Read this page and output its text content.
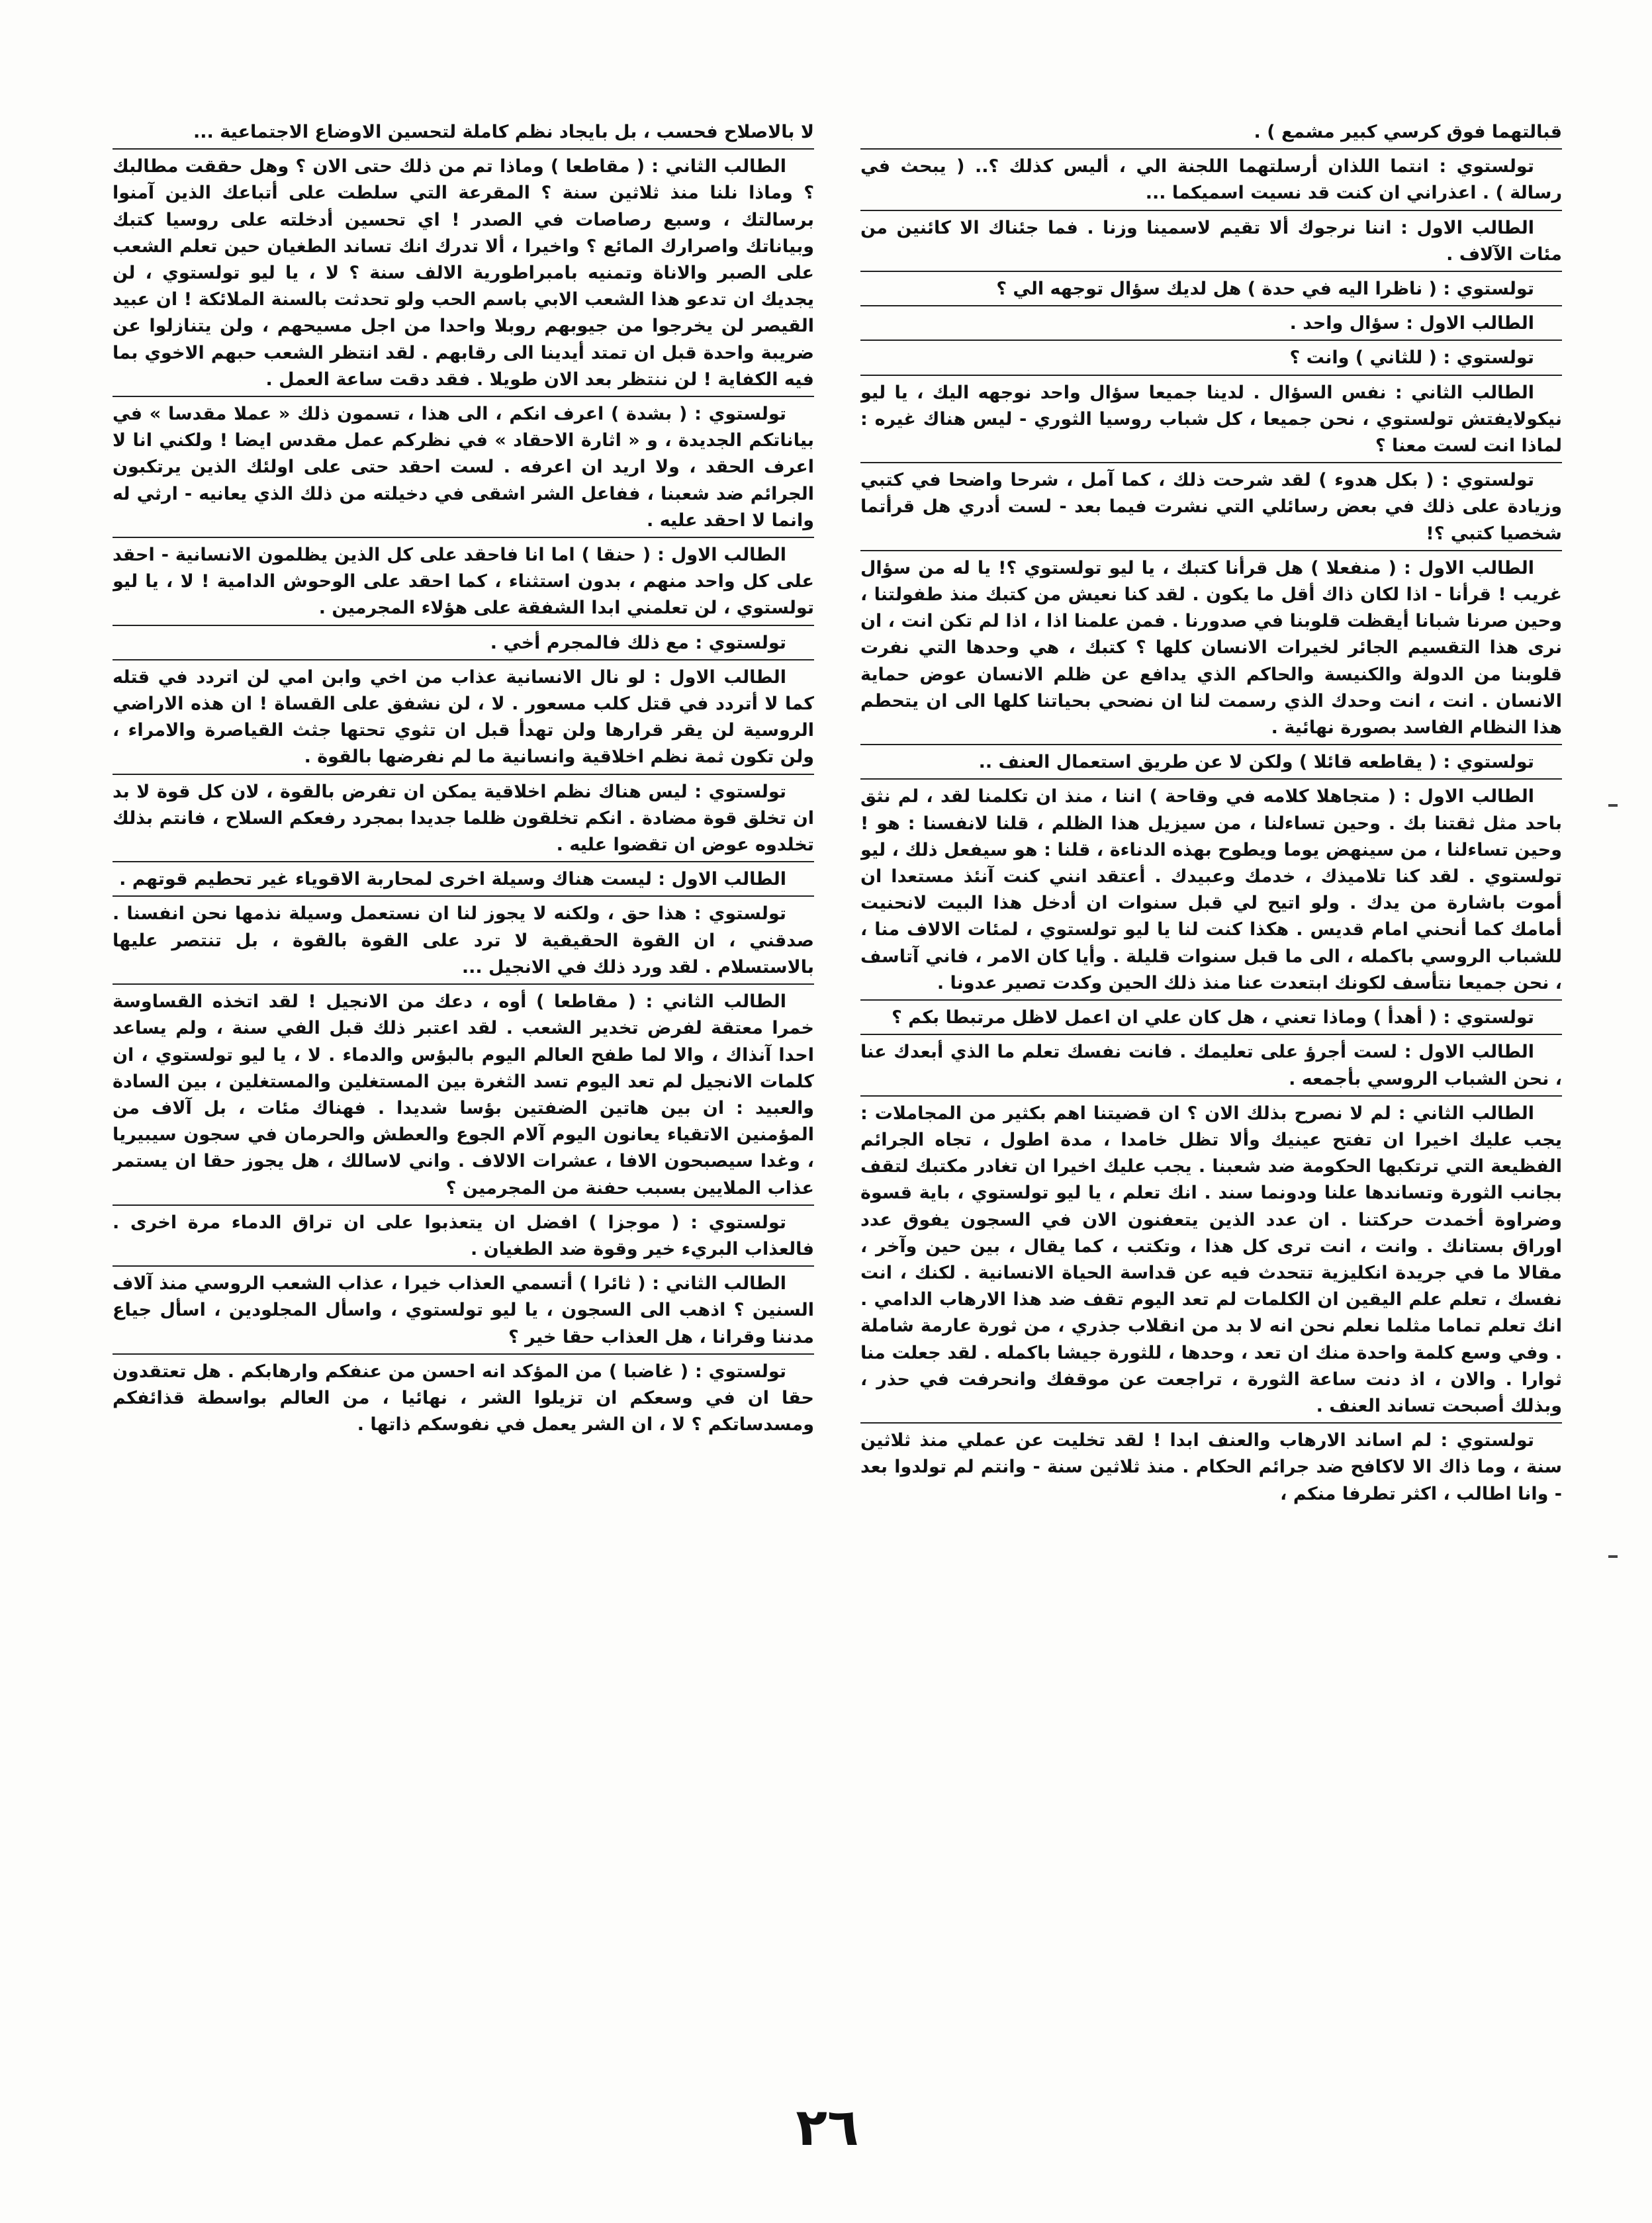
قبالتهما فوق كرسي كبير مشمع ) .

تولستوي : انتما اللذان أرسلتهما اللجنة الي ، أليس كذلك ؟.. ( يبحث في رسالة ) . اعذراني ان كنت قد نسيت اسميكما ...

الطالب الاول : اننا نرجوك ألا تقيم لاسمينا وزنا . فما جئناك الا كائنين من مئات الآلاف .

تولستوي : ( ناظرا اليه في حدة ) هل لديك سؤال توجهه الي ؟

الطالب الاول : سؤال واحد .

تولستوي : ( للثاني ) وانت ؟

الطالب الثاني : نفس السؤال . لدينا جميعا سؤال واحد نوجهه اليك ، يا ليو نيكولايفتش تولستوي ، نحن جميعا ، كل شباب روسيا الثوري - ليس هناك غيره : لماذا انت لست معنا ؟

تولستوي : ( بكل هدوء ) لقد شرحت ذلك ، كما آمل ، شرحا واضحا في كتبي وزيادة على ذلك في بعض رسائلي التي نشرت فيما بعد - لست أدري هل قرأتما شخصيا كتبي ؟!

الطالب الاول : ( منفعلا ) هل قرأنا كتبك ، يا ليو تولستوي ؟! يا له من سؤال غريب ! قرأنا - اذا لكان ذاك أقل ما يكون . لقد كنا نعيش من كتبك منذ طفولتنا ، وحين صرنا شبانا أيقظت قلوبنا في صدورنا . فمن علمنا اذا ، اذا لم تكن انت ، ان نرى هذا التقسيم الجائر لخيرات الانسان كلها ؟ كتبك ، هي وحدها التي نفرت قلوبنا من الدولة والكنيسة والحاكم الذي يدافع عن ظلم الانسان عوض حماية الانسان . انت ، انت وحدك الذي رسمت لنا ان نضحي بحياتنا كلها الى ان يتحطم هذا النظام الفاسد بصورة نهائية .

تولستوي : ( يقاطعه قائلا ) ولكن لا عن طريق استعمال العنف ..

الطالب الاول : ( متجاهلا كلامه في وقاحة ) اننا ، منذ ان تكلمنا لقد ، لم نثق باحد مثل ثقتنا بك . وحين تساءلنا ، من سيزيل هذا الظلم ، قلنا لانفسنا : هو ! وحين تساءلنا ، من سينهض يوما ويطوح بهذه الدناءة ، قلنا : هو سيفعل ذلك ، ليو تولستوي . لقد كنا تلاميذك ، خدمك وعبيدك . أعتقد انني كنت آنئذ مستعدا ان أموت باشارة من يدك . ولو اتيح لي قبل سنوات ان أدخل هذا البيت لانحنيت أمامك كما أنحني امام قديس . هكذا كنت لنا يا ليو تولستوي ، لمئات الالاف منا ، للشباب الروسي باكمله ، الى ما قبل سنوات قليلة . وأيا كان الامر ، فاني آتاسف ، نحن جميعا نتأسف لكونك ابتعدت عنا منذ ذلك الحين وكدت تصير عدونا .

تولستوي : ( أهدأ ) وماذا تعني ، هل كان علي ان اعمل لاظل مرتبطا بكم ؟

الطالب الاول : لست أجرؤ على تعليمك . فانت نفسك تعلم ما الذي أبعدك عنا ، نحن الشباب الروسي بأجمعه .

الطالب الثاني : لم لا نصرح بذلك الان ؟ ان قضيتنا اهم بكثير من المجاملات : يجب عليك اخيرا ان تفتح عينيك وألا تظل خامدا ، مدة اطول ، تجاه الجرائم الفظيعة التي ترتكبها الحكومة ضد شعبنا . يجب عليك اخيرا ان تغادر مكتبك لتقف بجانب الثورة وتساندها علنا ودونما سند . انك تعلم ، يا ليو تولستوي ، باية قسوة وضراوة أخمدت حركتنا . ان عدد الذين يتعفنون الان في السجون يفوق عدد اوراق بستانك . وانت ، انت ترى كل هذا ، وتكتب ، كما يقال ، بين حين وآخر ، مقالا ما في جريدة انكليزية تتحدث فيه عن قداسة الحياة الانسانية . لكنك ، انت نفسك ، تعلم علم اليقين ان الكلمات لم تعد اليوم تقف ضد هذا الارهاب الدامي . انك تعلم تماما مثلما نعلم نحن انه لا بد من انقلاب جذري ، من ثورة عارمة شاملة . وفي وسع كلمة واحدة منك ان تعد ، وحدها ، للثورة جيشا باكمله . لقد جعلت منا ثوارا . والان ، اذ دنت ساعة الثورة ، تراجعت عن موقفك وانحرفت في حذر ، وبذلك أصبحت تساند العنف .

تولستوي : لم اساند الارهاب والعنف ابدا ! لقد تخليت عن عملي منذ ثلاثين سنة ، وما ذاك الا لاكافح ضد جرائم الحكام . منذ ثلاثين سنة - وانتم لم تولدوا بعد - وانا اطالب ، اكثر تطرفا منكم ،

لا بالاصلاح فحسب ، بل بايجاد نظم كاملة لتحسين الاوضاع الاجتماعية ...

الطالب الثاني : ( مقاطعا ) وماذا تم من ذلك حتى الان ؟ وهل حققت مطالبك ؟ وماذا نلنا منذ ثلاثين سنة ؟ المقرعة التي سلطت على أتباعك الذين آمنوا برسالتك ، وسبع رصاصات في الصدر ! اي تحسين أدخلته على روسيا كتبك وبياناتك واصرارك المائع ؟ واخيرا ، ألا تدرك انك تساند الطغيان حين تعلم الشعب على الصبر والاناة وتمنيه بامبراطورية الالف سنة ؟ لا ، يا ليو تولستوي ، لن يجديك ان تدعو هذا الشعب الابي باسم الحب ولو تحدثت بالسنة الملائكة ! ان عبيد القيصر لن يخرجوا من جيوبهم روبلا واحدا من اجل مسيحهم ، ولن يتنازلوا عن ضريبة واحدة قبل ان تمتد أيدينا الى رقابهم . لقد انتظر الشعب حبهم الاخوي بما فيه الكفاية ! لن ننتظر بعد الان طويلا . فقد دقت ساعة العمل .

تولستوي : ( بشدة ) اعرف انكم ، الى هذا ، تسمون ذلك « عملا مقدسا » في بياناتكم الجديدة ، و « اثارة الاحقاد » في نظركم عمل مقدس ايضا ! ولكني انا لا اعرف الحقد ، ولا اريد ان اعرفه . لست احقد حتى على اولئك الذين يرتكبون الجرائم ضد شعبنا ، ففاعل الشر اشقى في دخيلته من ذلك الذي يعانيه - ارثي له وانما لا احقد عليه .

الطالب الاول : ( حنقا ) اما انا فاحقد على كل الذين يظلمون الانسانية - احقد على كل واحد منهم ، بدون استثناء ، كما احقد على الوحوش الدامية ! لا ، يا ليو تولستوي ، لن تعلمني ابدا الشفقة على هؤلاء المجرمين .

تولستوي : مع ذلك فالمجرم أخي .

الطالب الاول : لو نال الانسانية عذاب من اخي وابن امي لن اتردد في قتله كما لا أتردد في قتل كلب مسعور . لا ، لن نشفق على القساة ! ان هذه الاراضي الروسية لن يقر قرارها ولن تهدأ قبل ان تثوي تحتها جثث القياصرة والامراء ، ولن تكون ثمة نظم اخلاقية وانسانية ما لم نفرضها بالقوة .

تولستوي : ليس هناك نظم اخلاقية يمكن ان تفرض بالقوة ، لان كل قوة لا بد ان تخلق قوة مضادة . انكم تخلقون ظلما جديدا بمجرد رفعكم السلاح ، فانتم بذلك تخلدوه عوض ان تقضوا عليه .

الطالب الاول : ليست هناك وسيلة اخرى لمحاربة الاقوياء غير تحطيم قوتهم .

تولستوي : هذا حق ، ولكنه لا يجوز لنا ان نستعمل وسيلة نذمها نحن انفسنا . صدقني ، ان القوة الحقيقية لا ترد على القوة بالقوة ، بل تنتصر عليها بالاستسلام . لقد ورد ذلك في الانجيل ...

الطالب الثاني : ( مقاطعا ) أوه ، دعك من الانجيل ! لقد اتخذه القساوسة خمرا معتقة لفرض تخدير الشعب . لقد اعتبر ذلك قبل الفي سنة ، ولم يساعد احدا آنذاك ، والا لما طفح العالم اليوم بالبؤس والدماء . لا ، يا ليو تولستوي ، ان كلمات الانجيل لم تعد اليوم تسد الثغرة بين المستغلين والمستغلين ، بين السادة والعبيد : ان بين هاتين الضفتين بؤسا شديدا . فهناك مئات ، بل آلاف من المؤمنين الاتقياء يعانون اليوم آلام الجوع والعطش والحرمان في سجون سيبيريا ، وغدا سيصبحون الافا ، عشرات الالاف . واني لاسالك ، هل يجوز حقا ان يستمر عذاب الملايين بسبب حفنة من المجرمين ؟

تولستوي : ( موجزا ) افضل ان يتعذبوا على ان تراق الدماء مرة اخرى . فالعذاب البريء خير وقوة ضد الطغيان .

الطالب الثاني : ( ثائرا ) أتسمي العذاب خيرا ، عذاب الشعب الروسي منذ آلاف السنين ؟ اذهب الى السجون ، يا ليو تولستوي ، واسأل المجلودين ، اسأل جياع مدننا وقرانا ، هل العذاب حقا خير ؟

تولستوي : ( غاضبا ) من المؤكد انه احسن من عنفكم وارهابكم . هل تعتقدون حقا ان في وسعكم ان تزيلوا الشر ، نهائيا ، من العالم بواسطة قذائفكم ومسدساتكم ؟ لا ، ان الشر يعمل في نفوسكم ذاتها .

٢٦
